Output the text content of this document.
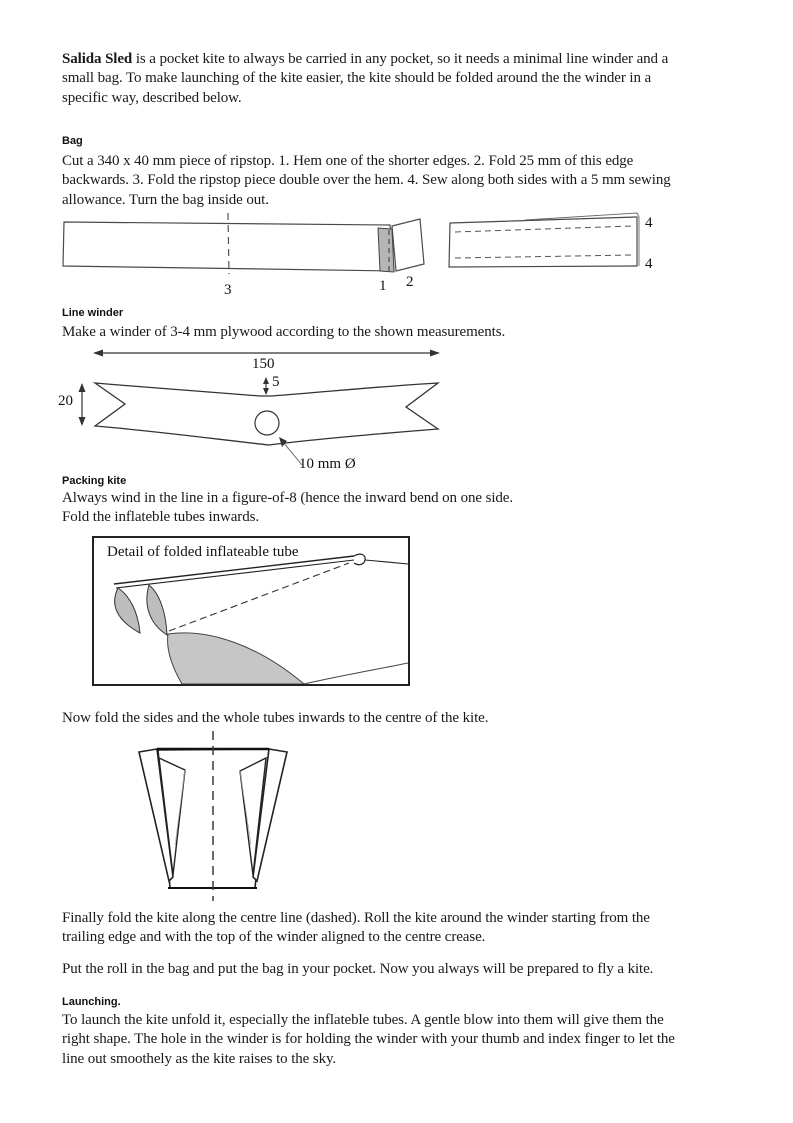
Salida Sled is a pocket kite to always be carried in any pocket, so it needs a minimal line winder and a
small bag. To make launching of the kite easier, the kite should be folded around the the winder in a
specific way, described below.
Bag
Cut a 340 x 40 mm piece of ripstop. 1. Hem one of the shorter edges. 2. Fold 25 mm of this edge
backwards. 3. Fold the ripstop piece double over the hem. 4. Sew along both sides with a 5 mm sewing
allowance. Turn the bag inside out.
3	1 2
4
4
Line winder
Make a winder of 3-4 mm plywood according to the shown measurements.
150
5
20
10 mm Ø
Packing kite
Always wind in the line in a figure-of-8 (hence the inward bend on one side.
Fold the inflateble tubes inwards.
Detail of folded inflateable tube
Now fold the sides and the whole tubes inwards to the centre of the kite.
Finally fold the kite along the centre line (dashed). Roll the kite around the winder starting from the
trailing edge and with the top of the winder aligned to the centre crease.
Put the roll in the bag and put the bag in your pocket. Now you always will be prepared to fly a kite.
Launching.
To launch the kite unfold it, especially the inflateble tubes. A gentle blow into them will give them the
right shape. The hole in the winder is for holding the winder with your thumb and index finger to let the
line out smoothely as the kite raises to the sky.
